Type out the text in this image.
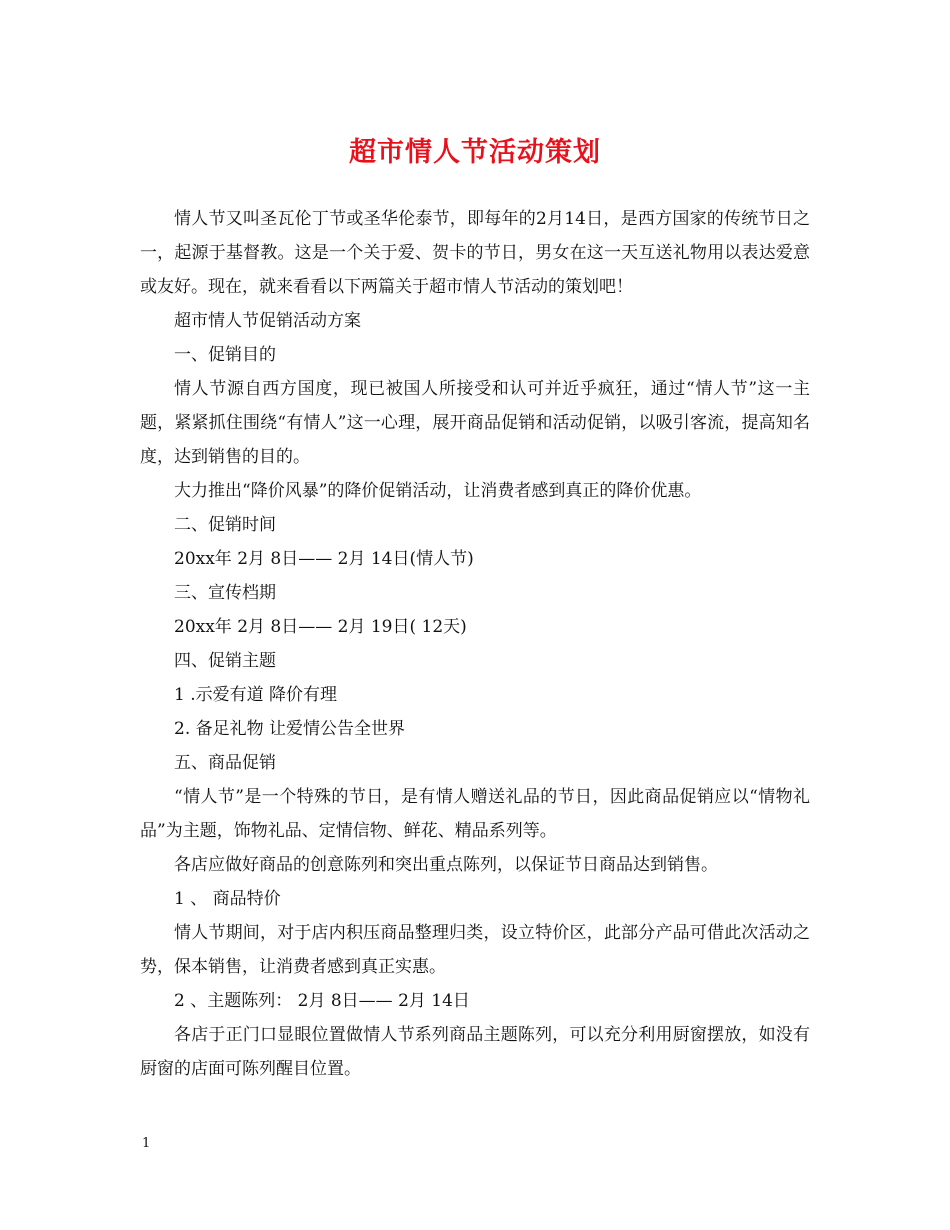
超市情人节活动策划

情人节又叫圣瓦伦丁节或圣华伦泰节，即每年的2月14日，是西方国家的传统节日之一，起源于基督教。这是一个关于爱、贺卡的节日，男女在这一天互送礼物用以表达爱意或友好。现在，就来看看以下两篇关于超市情人节活动的策划吧！

超市情人节促销活动方案

一、促销目的

情人节源自西方国度，现已被国人所接受和认可并近乎疯狂，通过“情人节”这一主题，紧紧抓住围绕“有情人”这一心理，展开商品促销和活动促销，以吸引客流，提高知名度，达到销售的目的。

大力推出“降价风暴”的降价促销活动，让消费者感到真正的降价优惠。

二、促销时间

20xx年 2月 8日—— 2月 14日(情人节)

三、宣传档期

20xx年 2月 8日—— 2月 19日( 12天)

四、促销主题

1 .示爱有道 降价有理

2. 备足礼物 让爱情公告全世界

五、商品促销

“情人节”是一个特殊的节日，是有情人赠送礼品的节日，因此商品促销应以“情物礼品”为主题，饰物礼品、定情信物、鲜花、精品系列等。

各店应做好商品的创意陈列和突出重点陈列，以保证节日商品达到销售。

1 、 商品特价

情人节期间，对于店内积压商品整理归类，设立特价区，此部分产品可借此次活动之势，保本销售，让消费者感到真正实惠。

2 、主题陈列： 2月 8日—— 2月 14日

各店于正门口显眼位置做情人节系列商品主题陈列，可以充分利用厨窗摆放，如没有厨窗的店面可陈列醒目位置。

1
